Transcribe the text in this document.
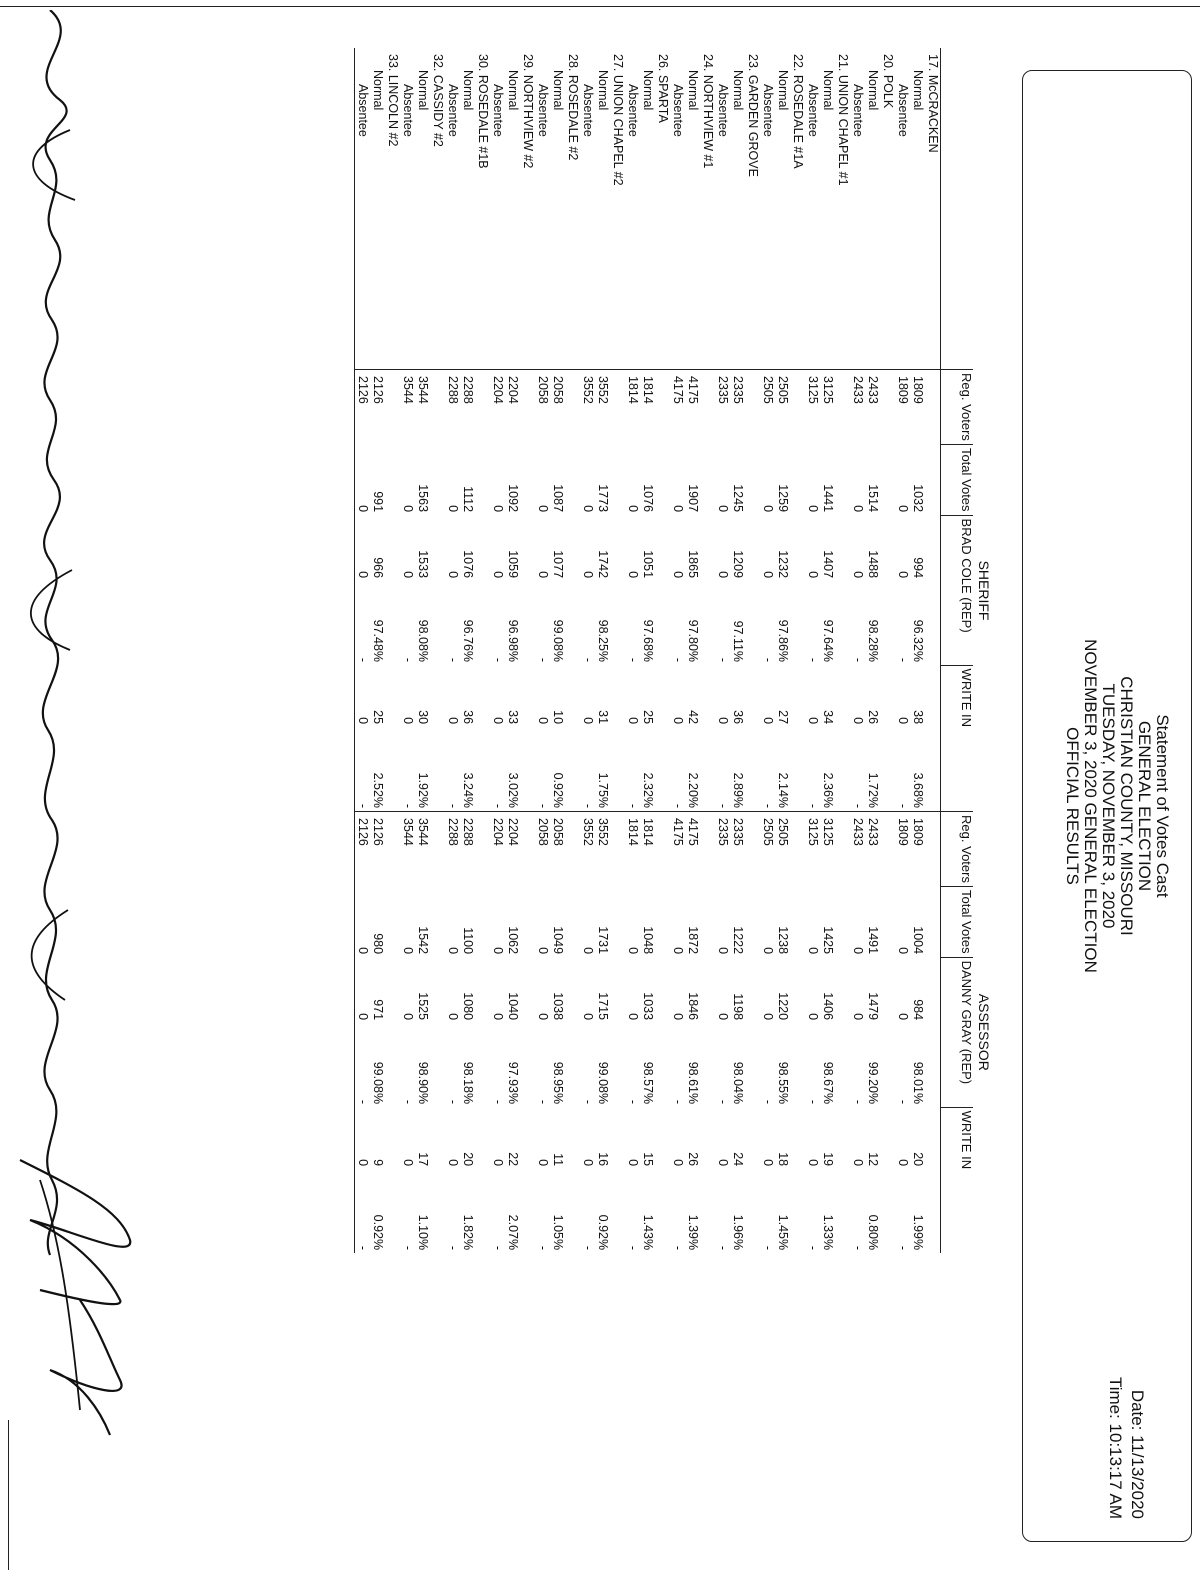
Statement of Votes Cast
GENERAL ELECTION
CHRISTIAN COUNTY, MISSOURI
TUESDAY, NOVEMBER 3, 2020
NOVEMBER 3, 2020 GENERAL ELECTION
OFFICIAL RESULTS
Date: 11/13/2020
Time: 10:13:17 AM
	SHERIFF						ASSESSOR					
	Reg. Voters	Total Votes	BRAD COLE (REP)		WRITE IN		Reg. Voters	Total Votes	DANNY GRAY (REP)		WRITE IN	
17. McCRACKEN												
Normal	1809	1032	994	96.32%	38	3.68%	1809	1004	984	98.01%	20	1.99%
Absentee	1809	0	0	-	0	-	1809	0	0	-	0	-
20. POLK												
Normal	2433	1514	1488	98.28%	26	1.72%	2433	1491	1479	99.20%	12	0.80%
Absentee	2433	0	0	-	0	-	2433	0	0	-	0	-
21. UNION CHAPEL #1												
Normal	3125	1441	1407	97.64%	34	2.36%	3125	1425	1406	98.67%	19	1.33%
Absentee	3125	0	0	-	0	-	3125	0	0	-	0	-
22. ROSEDALE #1A												
Normal	2505	1259	1232	97.86%	27	2.14%	2505	1238	1220	98.55%	18	1.45%
Absentee	2505	0	0	-	0	-	2505	0	0	-	0	-
23. GARDEN GROVE												
Normal	2335	1245	1209	97.11%	36	2.89%	2335	1222	1198	98.04%	24	1.96%
Absentee	2335	0	0	-	0	-	2335	0	0	-	0	-
24. NORTHVIEW #1												
Normal	4175	1907	1865	97.80%	42	2.20%	4175	1872	1846	98.61%	26	1.39%
Absentee	4175	0	0	-	0	-	4175	0	0	-	0	-
26. SPARTA												
Normal	1814	1076	1051	97.68%	25	2.32%	1814	1048	1033	98.57%	15	1.43%
Absentee	1814	0	0	-	0	-	1814	0	0	-	0	-
27. UNION CHAPEL #2												
Normal	3552	1773	1742	98.25%	31	1.75%	3552	1731	1715	99.08%	16	0.92%
Absentee	3552	0	0	-	0	-	3552	0	0	-	0	-
28. ROSEDALE #2												
Normal	2058	1087	1077	99.08%	10	0.92%	2058	1049	1038	98.95%	11	1.05%
Absentee	2058	0	0	-	0	-	2058	0	0	-	0	-
29. NORTHVIEW #2												
Normal	2204	1092	1059	96.98%	33	3.02%	2204	1062	1040	97.93%	22	2.07%
Absentee	2204	0	0	-	0	-	2204	0	0	-	0	-
30. ROSEDALE #1B												
Normal	2288	1112	1076	96.76%	36	3.24%	2288	1100	1080	98.18%	20	1.82%
Absentee	2288	0	0	-	0	-	2288	0	0	-	0	-
32. CASSIDY #2												
Normal	3544	1563	1533	98.08%	30	1.92%	3544	1542	1525	98.90%	17	1.10%
Absentee	3544	0	0	-	0	-	3544	0	0	-	0	-
33. LINCOLN #2												
Normal	2126	991	966	97.48%	25	2.52%	2126	980	971	99.08%	9	0.92%
Absentee	2126	0	0	-	0	-	2126	0	0	-	0	-
